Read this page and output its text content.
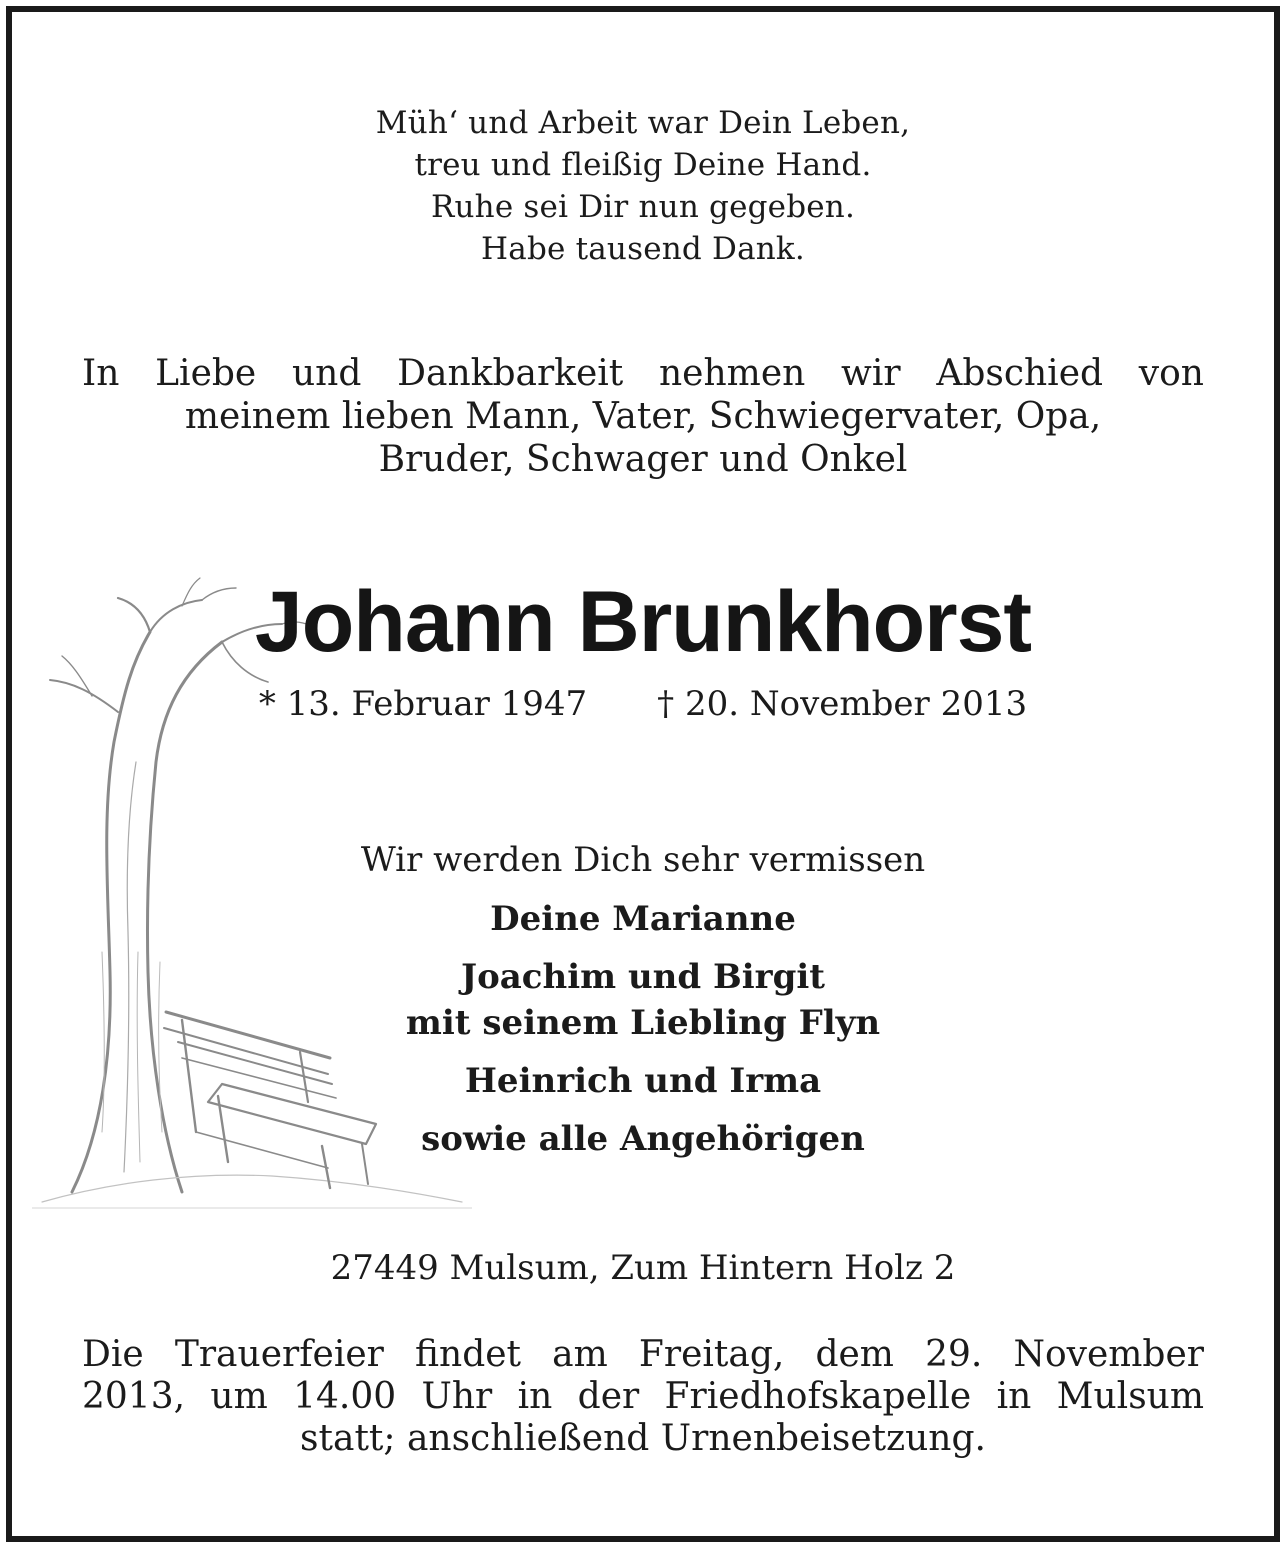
Müh‘ und Arbeit war Dein Leben,
treu und fleißig Deine Hand.
Ruhe sei Dir nun gegeben.
Habe tausend Dank.
In Liebe und Dankbarkeit nehmen wir Abschied von
meinem lieben Mann, Vater, Schwiegervater, Opa,
Bruder, Schwager und Onkel
Johann Brunkhorst
* 13. Februar 1947 † 20. November 2013
Wir werden Dich sehr vermissen
Deine Marianne
Joachim und Birgit
mit seinem Liebling Flyn
Heinrich und Irma
sowie alle Angehörigen
27449 Mulsum, Zum Hintern Holz 2
Die Trauerfeier findet am Freitag, dem 29. November
2013, um 14.00 Uhr in der Friedhofskapelle in Mulsum
statt; anschließend Urnenbeisetzung.
